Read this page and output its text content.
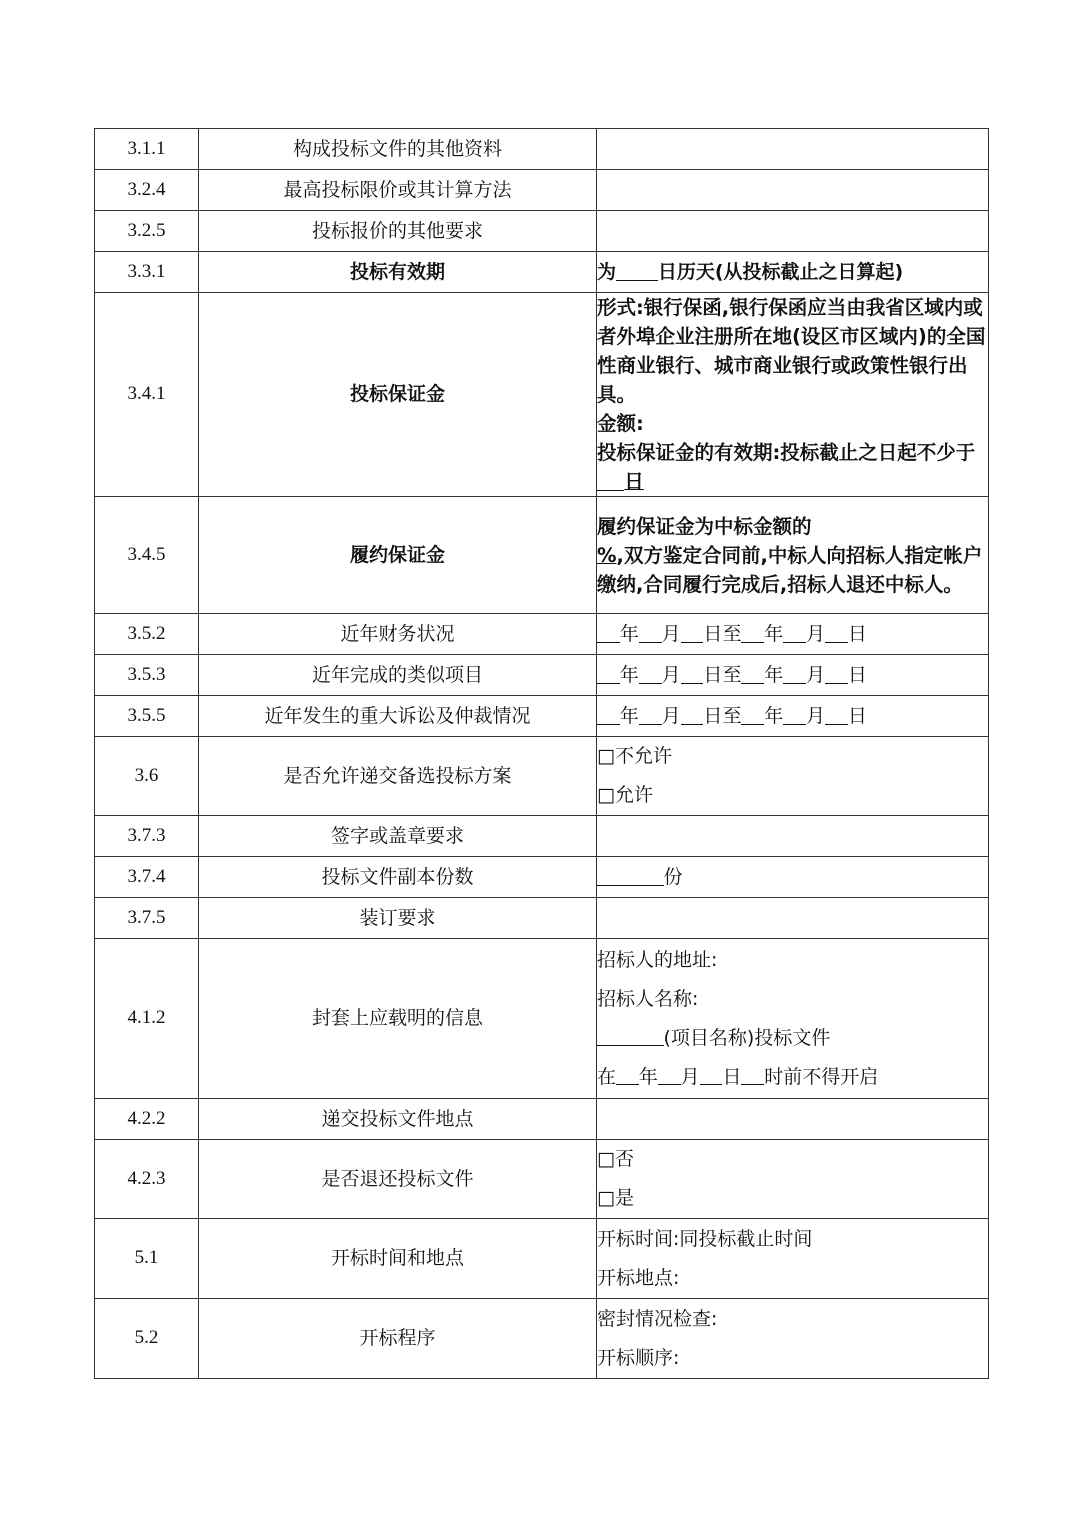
3.1.1	构成投标文件的其他资料	
3.2.4	最高投标限价或其计算方法	
3.2.5	投标报价的其他要求	
3.3.1	投标有效期	为 日历天(从投标截止之日算起)
3.4.1	投标保证金	形式:银行保函,银行保函应当由我省区域内或者外埠企业注册所在地(设区市区域内)的全国性商业银行、城市商业银行或政策性银行出具。
金额:
投标保证金的有效期:投标截止之日起不少于日
3.4.5	履约保证金	履约保证金为中标金额的
%,双方鉴定合同前,中标人向招标人指定帐户缴纳,合同履行完成后,招标人退还中标人。
3.5.2	近年财务状况	年 月 日至 年 月 日
3.5.3	近年完成的类似项目	年 月 日至 年 月 日
3.5.5	近年发生的重大诉讼及仲裁情况	年 月 日至 年 月 日
3.6	是否允许递交备选投标方案	□不允许
□允许

3.7.3	签字或盖章要求	
3.7.4	投标文件副本份数	份
3.7.5	装订要求	
4.1.2	封套上应载明的信息	招标人的地址:
招标人名称:
(项目名称)投标文件
在 年 月 日 时前不得开启

4.2.2	递交投标文件地点	
4.2.3	是否退还投标文件	□否
□是

5.1	开标时间和地点	开标时间:同投标截止时间
开标地点:

5.2	开标程序	密封情况检查:
开标顺序:
